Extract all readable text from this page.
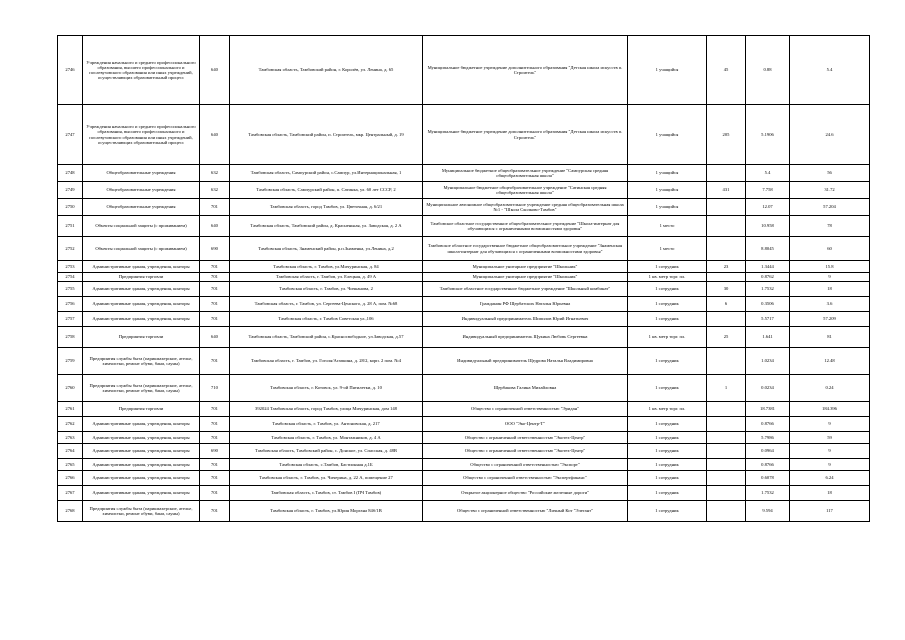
2746	Учреждения начального и среднего профессионального образования, высшего профессионального и послевузовского образования или иных учреждений, осуществляющих образовательный процесс	640	Тамбовская область, Тамбовский район, г. Королёв, ул. Ленина, д. 65	Муниципальное бюджетное учреждение дополнительного образования "Детская школа искусств п. Строитель"	1 учащийся	45	0.88	5.4
2747	Учреждения начального и среднего профессионального образования, высшего профессионального и послевузовского образования или иных учреждений, осуществляющих образовательный процесс	640	Тамбовская область, Тамбовский район, п. Строитель, мкр. Центральный, д. 19	Муниципальное бюджетное учреждение дополнительного образования "Детская школа искусств п. Строитель"	1 учащийся	205	5.1906	24.6
2748	Общеобразовательные учреждения	632	Тамбовская область, Сампурский район, с.Сампур, ул.Интернациональная, 1	Муниципальное бюджетное общеобразовательное учреждение "Сампурская средняя общеобразовательная школа"	1 учащийся		5.4	56
2749	Общеобразовательные учреждения	632	Тамбовская область, Сампурский район, п. Сатинка, ул. 60 лет СССР, 2	Муниципальное бюджетное общеобразовательное учреждение "Сатинская средняя общеобразовательная школа"	1 учащийся	431	7.758	31.72
2750	Общеобразовательные учреждения	701	Тамбовская область, город Тамбов, ул. Цветочная, д. 6/21	Муниципальное автономное общеобразовательное учреждение средняя общеобразовательная школа №1 - "Школа Сколково-Тамбов"	1 учащийся		12.07	57.204
2751	Объекты социальной защиты (с проживанием)	640	Тамбовская область, Тамбовский район, д. Красненькая, ул. Заводская, д. 2 А	Тамбовское областное государственное общеобразовательное учреждение "Школа-интернат для обучающихся с ограниченными возможностями здоровья"	1 место		10.958	78
2752	Объекты социальной защиты (с проживанием)	690	Тамбовская область, Знаменский район, р.п.Знаменка, ул.Ленина, д.2	Тамбовское областное государственное бюджетное общеобразовательное учреждение "Знаменская школа-интернат для обучающихся с ограниченными возможностями здоровья"	1 место		8.8045	60
2753	Административные здания, учреждения, конторы	701	Тамбовская область, г. Тамбов, ул.Мичуринская, д. 84	Муниципальное унитарное предприятие "Школьник"	1 сотрудник	23	1.3444	15.8
2754	Предприятия торговли	701	Тамбовская область, г. Тамбов, ул. Елецкая, д. 49 А	Муниципальное унитарное предприятие "Школьник"	1 кв. метр торг. пл.		0.8762	9
2755	Административные здания, учреждения, конторы	701	Тамбовская область, г. Тамбов, ул. Чичканова, 2	Тамбовское областное государственное бюджетное учреждение "Школьный комбинат"	1 сотрудник	30	1.7532	18
2756	Административные здания, учреждения, конторы	701	Тамбовская область, г. Тамбов, ул. Сергеева-Ценского, д. 28 А, пом. №68	Гражданин РФ Щербатских Наталья Юрьевна	1 сотрудник	6	0.3506	3.6
2757	Административные здания, учреждения, конторы	701	Тамбовская область, г. Тамбов Советская ул.,106	Индивидуальный предприниматель Шипилов Юрий Игнатьевич	1 сотрудник		5.5717	57.209
2758	Предприятия торговли	640	Тамбовская область, Тамбовский район, с.Красносвободное, ул.Заводская, д.57	Индивидуальный предприниматель Щукина Любовь Сергеевна	1 кв. метр торг. пл.	25	1.641	81
2759	Предприятия службы быта (парикмахерские, ателье, химчистки, ремонт обуви, бани, сауны)	701	Тамбовская область, г. Тамбов, ул. Гоголя/Агапкина, д. 28/2, корп. 2 пом. №4	Индивидуальный предприниматель Щедрова Наталья Владимировна	1 сотрудник		1.0234	12.48
2760	Предприятия службы быта (парикмахерские, ателье, химчистки, ремонт обуви, бани, сауны)	710	Тамбовская область, г. Котовск, ул. 9-ой Пятилетки, д. 10	Щербакова Галина Михайловна	1 сотрудник	1	0.0234	0.24
2761	Предприятия торговли	701	392024 Тамбовская область, город Тамбов, улица Мичуринская, дом 148	Общество с ограниченной ответственностью "Эридан"	1 кв. метр торг. пл.		18.7381	184.396
2762	Административные здания, учреждения, конторы	701	Тамбовская область, г. Тамбов, ул. Антоновская, д. 217	ООО "Эко-Центр-Т"	1 сотрудник		0.8766	9
2763	Административные здания, учреждения, конторы	701	Тамбовская область, г. Тамбов, ул. Монтажников, д. 4 А	Общество с ограниченной ответственностью "Экотех-Центр"	1 сотрудник		5.7986	59
2764	Административные здания, учреждения, конторы	690	Тамбовская область, Тамбовский район, с. Донское, ул. Спасская, д. 48В	Общество с ограниченной ответственностью "Экотех-Центр"	1 сотрудник		0.0964	9
2765	Административные здания, учреждения, конторы	701	Тамбовская область, с.Тамбов, Бастионная д.1Б	Общество с ограниченной ответственностью "Экспорт"	1 сотрудник		0.8766	9
2766	Административные здания, учреждения, конторы	701	Тамбовская область, г. Тамбов, ул. Чичерина, д. 22 А, помещение 27	Общество с ограниченной ответственностью "Экспертфинанс"	1 сотрудник		0.6078	6.24
2767	Административные здания, учреждения, конторы	701	Тамбовская область, с.Тамбов, ст. Тамбов I (ПЧ Тамбов)	Открытое акционерное общество "Российские железные дороги"	1 сотрудник		1.7532	18
2768	Предприятия службы быта (парикмахерские, ателье, химчистки, ремонт обуви, бани, сауны)	701	Тамбовская область, г. Тамбов, ул.Юрия Моргана 84б/1В	Общество с ограниченной ответственностью "Личный Кот "Элегант"	1 сотрудник		9.594	117
